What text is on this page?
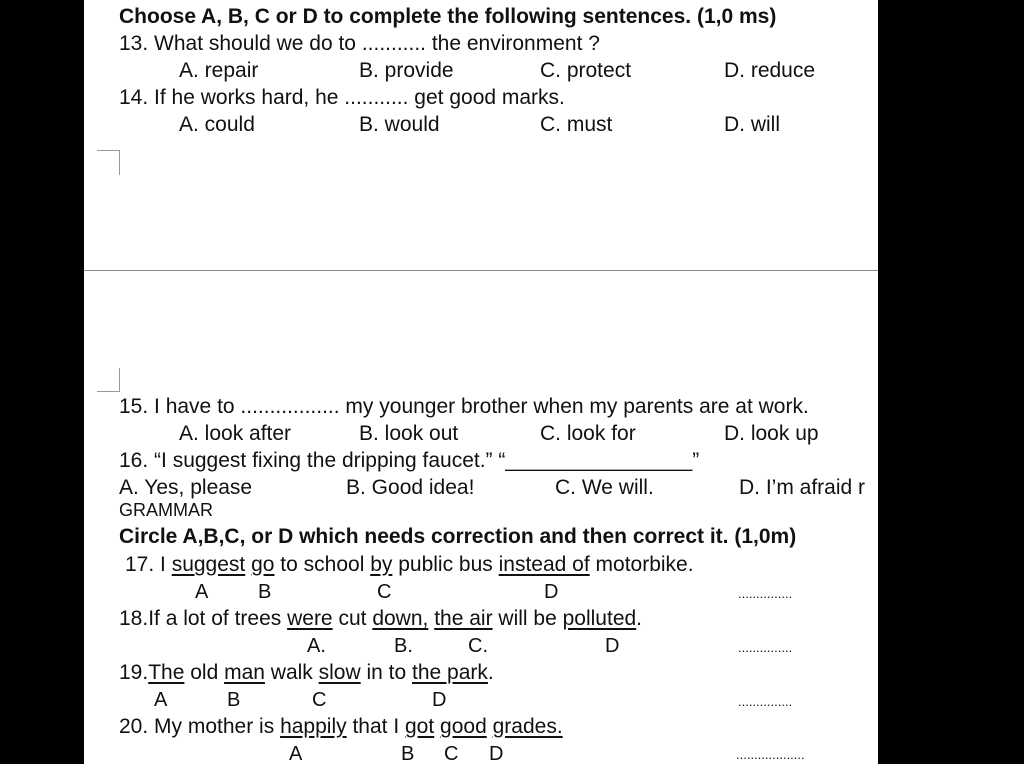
Choose A, B, C or D to complete the following sentences. (1,0 ms)
13. What should we do to ........... the environment ?
A. repair	B. provide	C. protect	D. reduce
14. If he works hard, he ........... get good marks.
A. could	B. would	C. must	D. will
15. I have to ................. my younger brother when my parents are at work.
A. look after	B. look out	C. look for	D. look up
16. “I suggest fixing the dripping faucet.” “________________”
A. Yes, please	B. Good idea!	C. We will.	D. I’m afraid r
GRAMMAR
Circle A,B,C, or D which needs correction and then correct it. (1,0m)
17. I suggest go to school by public bus instead of motorbike.
A B	C	D	...............
18.If a lot of trees were cut down, the air will be polluted.
A.	B.	C.	D	...............
19.The old man walk slow in to the park.
A	B	C	D	...............
20. My mother is happily that I got good grades.
A	B C D	...................
